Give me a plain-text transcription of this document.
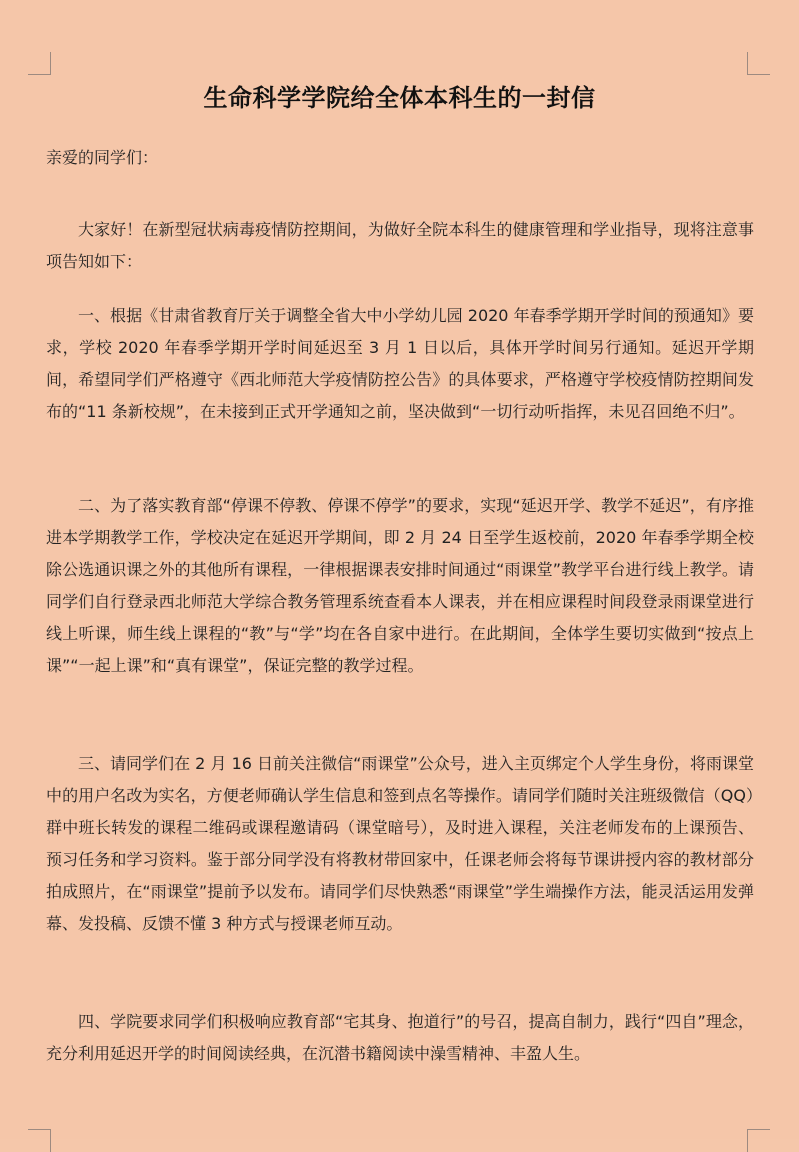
生命科学学院给全体本科生的一封信
亲爱的同学们：

大家好！在新型冠状病毒疫情防控期间，为做好全院本科生的健康管理和学业指导，现将注意事项告知如下：

一、根据《甘肃省教育厅关于调整全省大中小学幼儿园 2020 年春季学期开学时间的预通知》要求，学校 2020 年春季学期开学时间延迟至 3 月 1 日以后，具体开学时间另行通知。延迟开学期间，希望同学们严格遵守《西北师范大学疫情防控公告》的具体要求，严格遵守学校疫情防控期间发布的“11 条新校规”，在未接到正式开学通知之前，坚决做到“一切行动听指挥，未见召回绝不归”。

二、为了落实教育部“停课不停教、停课不停学”的要求，实现“延迟开学、教学不延迟”，有序推进本学期教学工作，学校决定在延迟开学期间，即 2 月 24 日至学生返校前，2020 年春季学期全校除公选通识课之外的其他所有课程，一律根据课表安排时间通过“雨课堂”教学平台进行线上教学。请同学们自行登录西北师范大学综合教务管理系统查看本人课表，并在相应课程时间段登录雨课堂进行线上听课，师生线上课程的“教”与“学”均在各自家中进行。在此期间，全体学生要切实做到“按点上课”“一起上课”和“真有课堂”，保证完整的教学过程。

三、请同学们在 2 月 16 日前关注微信“雨课堂”公众号，进入主页绑定个人学生身份，将雨课堂中的用户名改为实名，方便老师确认学生信息和签到点名等操作。请同学们随时关注班级微信（QQ）群中班长转发的课程二维码或课程邀请码（课堂暗号），及时进入课程，关注老师发布的上课预告、预习任务和学习资料。鉴于部分同学没有将教材带回家中，任课老师会将每节课讲授内容的教材部分拍成照片，在“雨课堂”提前予以发布。请同学们尽快熟悉“雨课堂”学生端操作方法，能灵活运用发弹幕、发投稿、反馈不懂 3 种方式与授课老师互动。

四、学院要求同学们积极响应教育部“宅其身、抱道行”的号召，提高自制力，践行“四自”理念，充分利用延迟开学的时间阅读经典，在沉潜书籍阅读中澡雪精神、丰盈人生。
